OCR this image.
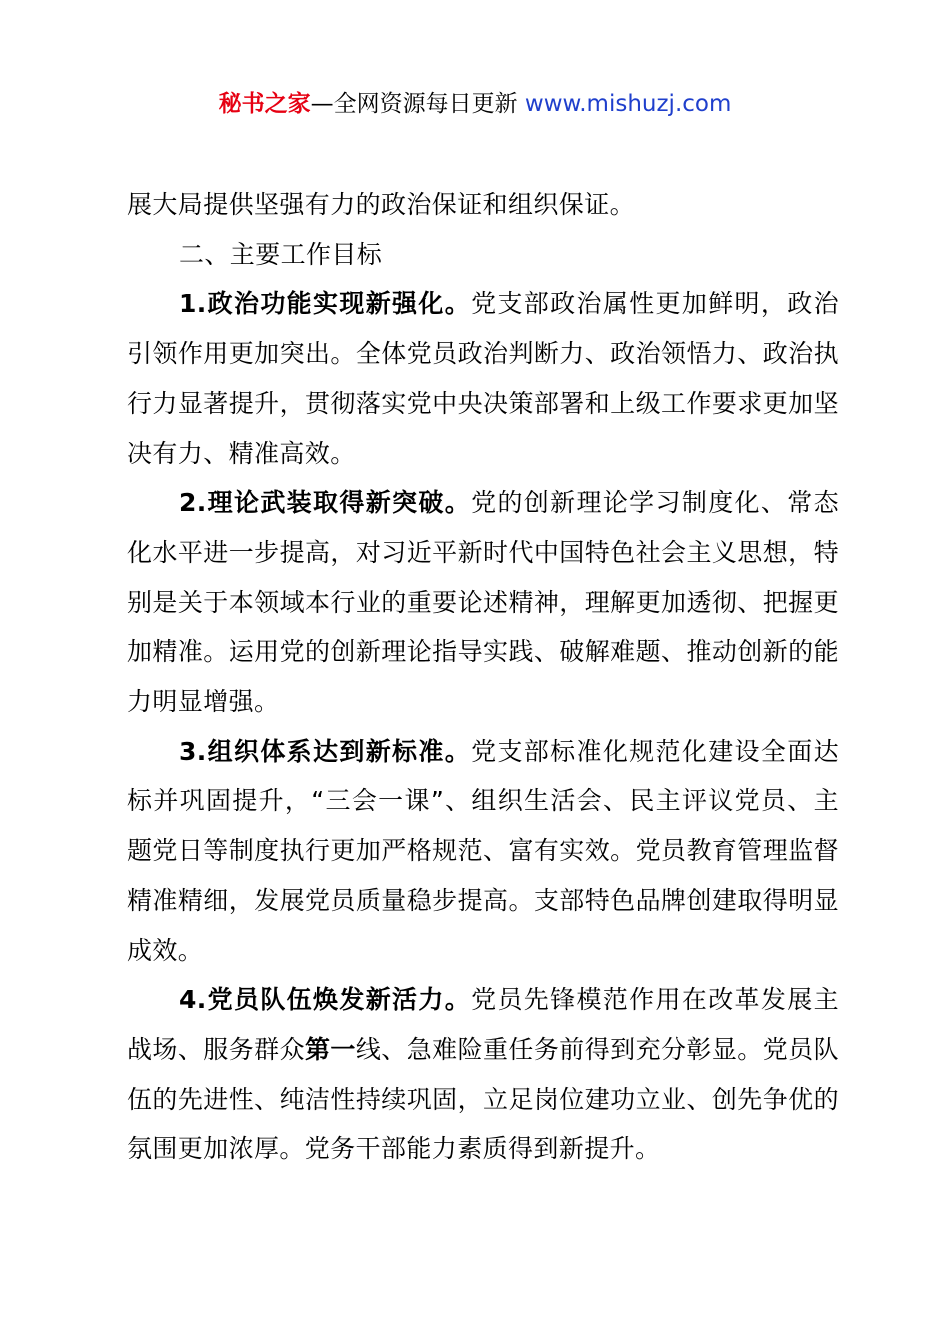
秘书之家—全网资源每日更新 www.mishuzj.com

展大局提供坚强有力的政治保证和组织保证。

二、主要工作目标

1.政治功能实现新强化。党支部政治属性更加鲜明，政治引领作用更加突出。全体党员政治判断力、政治领悟力、政治执行力显著提升，贯彻落实党中央决策部署和上级工作要求更加坚决有力、精准高效。

2.理论武装取得新突破。党的创新理论学习制度化、常态化水平进一步提高，对习近平新时代中国特色社会主义思想，特别是关于本领域本行业的重要论述精神，理解更加透彻、把握更加精准。运用党的创新理论指导实践、破解难题、推动创新的能力明显增强。

3.组织体系达到新标准。党支部标准化规范化建设全面达标并巩固提升，“三会一课”、组织生活会、民主评议党员、主题党日等制度执行更加严格规范、富有实效。党员教育管理监督精准精细，发展党员质量稳步提高。支部特色品牌创建取得明显成效。

4.党员队伍焕发新活力。党员先锋模范作用在改革发展主战场、服务群众第一线、急难险重任务前得到充分彰显。党员队伍的先进性、纯洁性持续巩固，立足岗位建功立业、创先争优的氛围更加浓厚。党务干部能力素质得到新提升。
